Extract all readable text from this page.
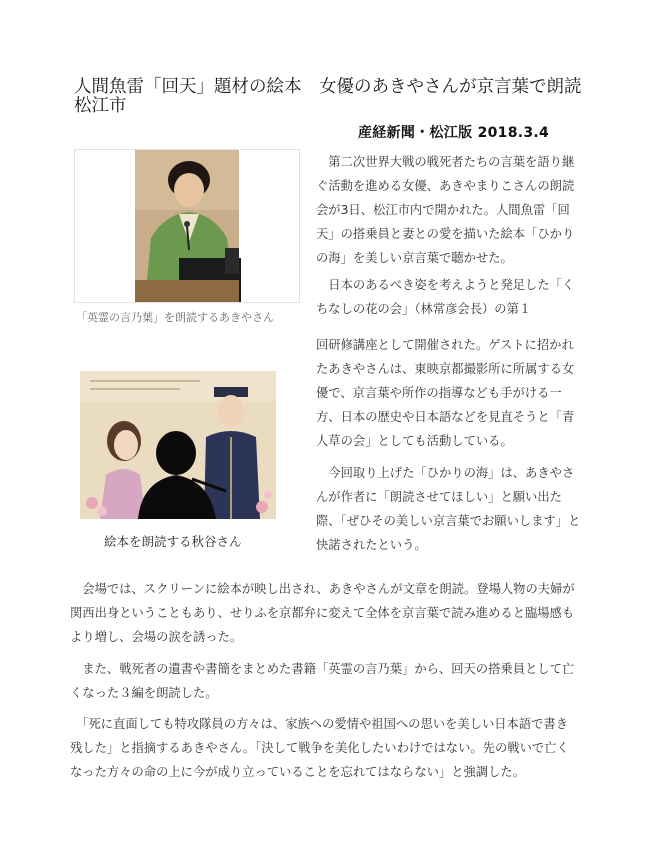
人間魚雷「回天」題材の絵本　女優のあきやさんが京言葉で朗読　松江市
産経新聞・松江版 2018.3.4
「英霊の言乃葉」を朗読するあきやさん
絵本を朗読する秋谷さん

　第二次世界大戦の戦死者たちの言葉を語り継ぐ活動を進める女優、あきやまりこさんの朗読会が3日、松江市内で開かれた。人間魚雷「回天」の搭乗員と妻との愛を描いた絵本「ひかりの海」を美しい京言葉で聴かせた。

　日本のあるべき姿を考えようと発足した「くちなしの花の会」（林常彦会長）の第１

回研修講座として開催された。ゲストに招かれたあきやさんは、東映京都撮影所に所属する女優で、京言葉や所作の指導なども手がける一方、日本の歴史や日本語などを見直そうと「青人草の会」としても活動している。

　今回取り上げた「ひかりの海」は、あきやさんが作者に「朗読させてほしい」と願い出た際、「ぜひその美しい京言葉でお願いします」と快諾されたという。

　会場では、スクリーンに絵本が映し出され、あきやさんが文章を朗読。登場人物の夫婦が関西出身ということもあり、せりふを京都弁に変えて全体を京言葉で読み進めると臨場感もより増し、会場の涙を誘った。

　また、戦死者の遺書や書簡をまとめた書籍「英霊の言乃葉」から、回天の搭乗員として亡くなった３編を朗読した。

　「死に直面しても特攻隊員の方々は、家族への愛情や祖国への思いを美しい日本語で書き残した」と指摘するあきやさん。「決して戦争を美化したいわけではない。先の戦いで亡くなった方々の命の上に今が成り立っていることを忘れてはならない」と強調した。
